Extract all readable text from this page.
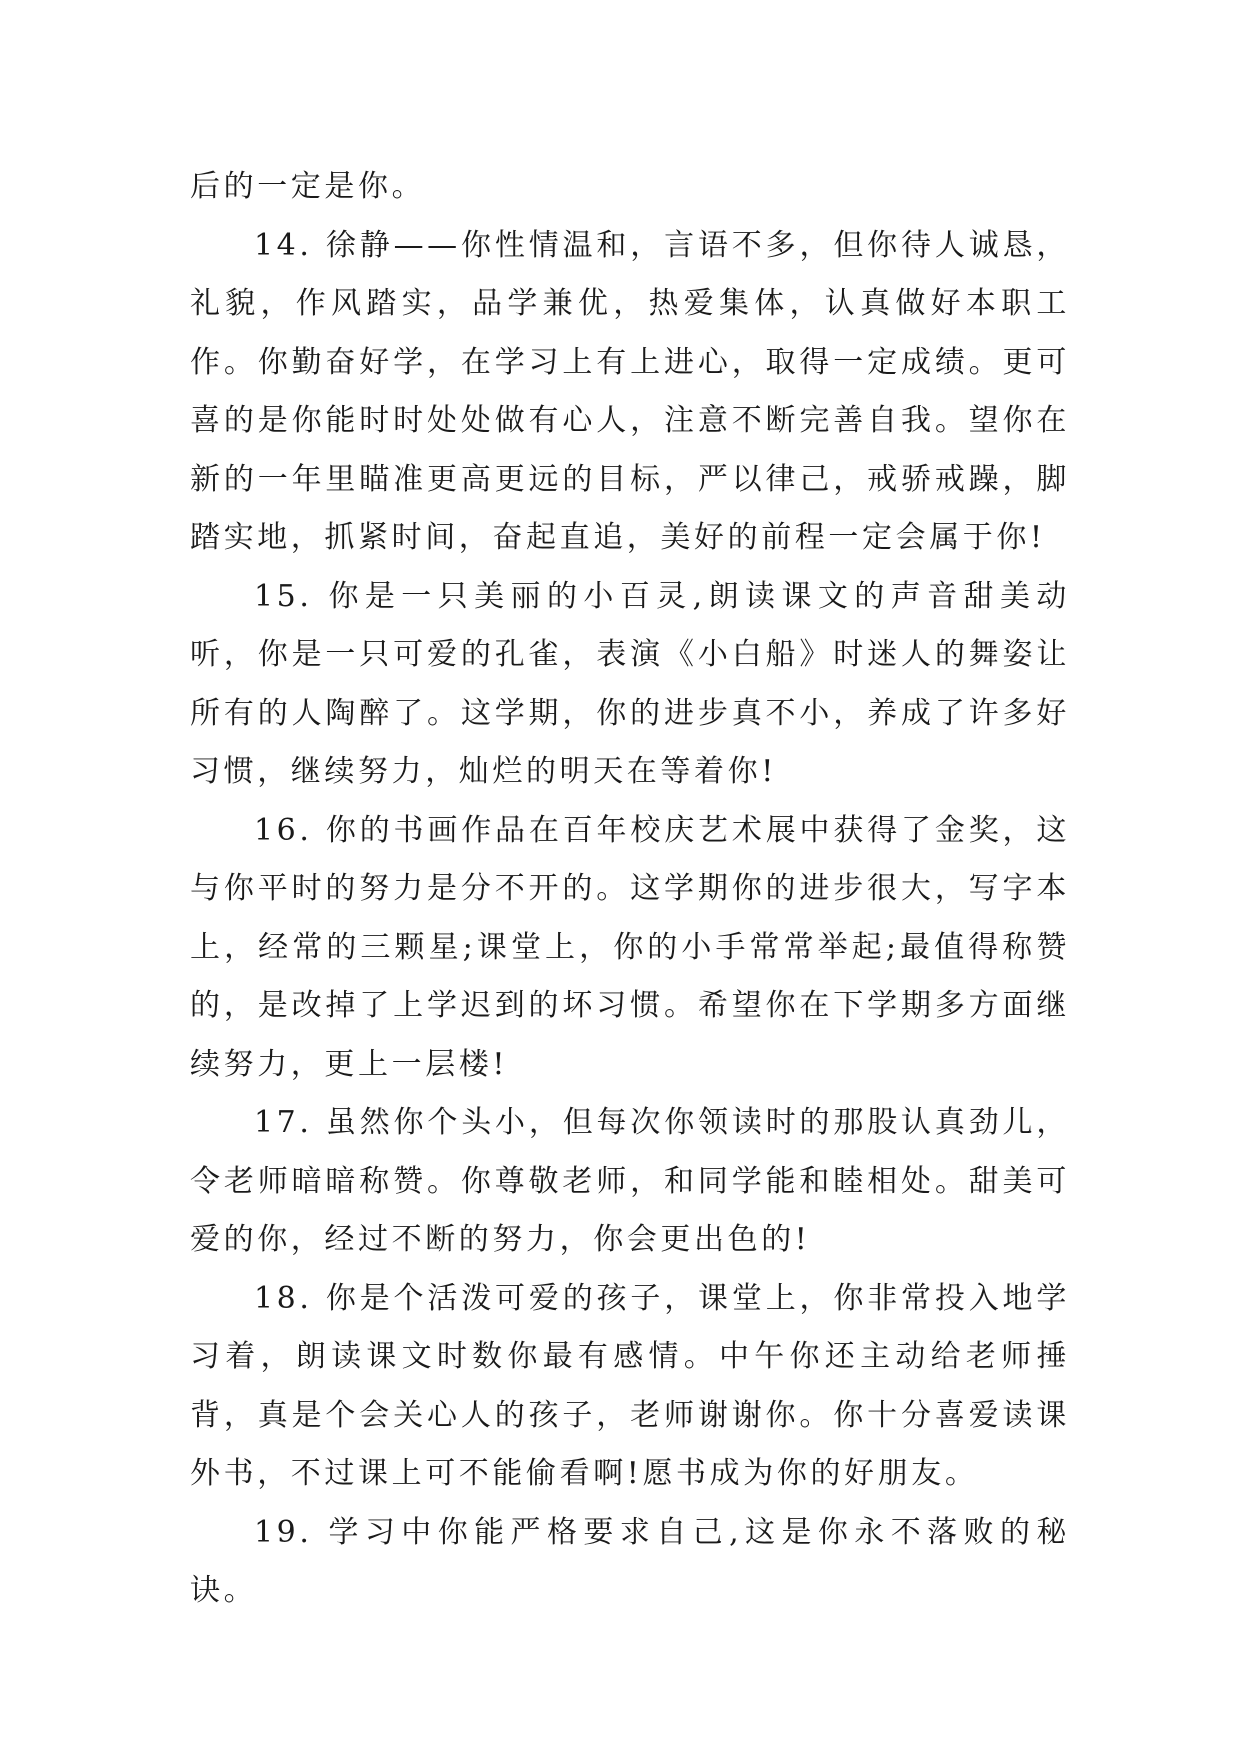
后的一定是你。

14. 徐静——你性情温和，言语不多，但你待人诚恳，礼貌，作风踏实，品学兼优，热爱集体，认真做好本职工作。你勤奋好学，在学习上有上进心，取得一定成绩。更可喜的是你能时时处处做有心人，注意不断完善自我。望你在新的一年里瞄准更高更远的目标，严以律己，戒骄戒躁，脚踏实地，抓紧时间，奋起直追，美好的前程一定会属于你!

15. 你是一只美丽的小百灵,朗读课文的声音甜美动听，你是一只可爱的孔雀，表演《小白船》时迷人的舞姿让所有的人陶醉了。这学期，你的进步真不小，养成了许多好习惯，继续努力，灿烂的明天在等着你!

16. 你的书画作品在百年校庆艺术展中获得了金奖，这与你平时的努力是分不开的。这学期你的进步很大，写字本上，经常的三颗星;课堂上，你的小手常常举起;最值得称赞的，是改掉了上学迟到的坏习惯。希望你在下学期多方面继续努力，更上一层楼!

17. 虽然你个头小，但每次你领读时的那股认真劲儿，令老师暗暗称赞。你尊敬老师，和同学能和睦相处。甜美可爱的你，经过不断的努力，你会更出色的!

18. 你是个活泼可爱的孩子，课堂上，你非常投入地学习着，朗读课文时数你最有感情。中午你还主动给老师捶背，真是个会关心人的孩子，老师谢谢你。你十分喜爱读课外书，不过课上可不能偷看啊!愿书成为你的好朋友。

19. 学习中你能严格要求自己,这是你永不落败的秘诀。
